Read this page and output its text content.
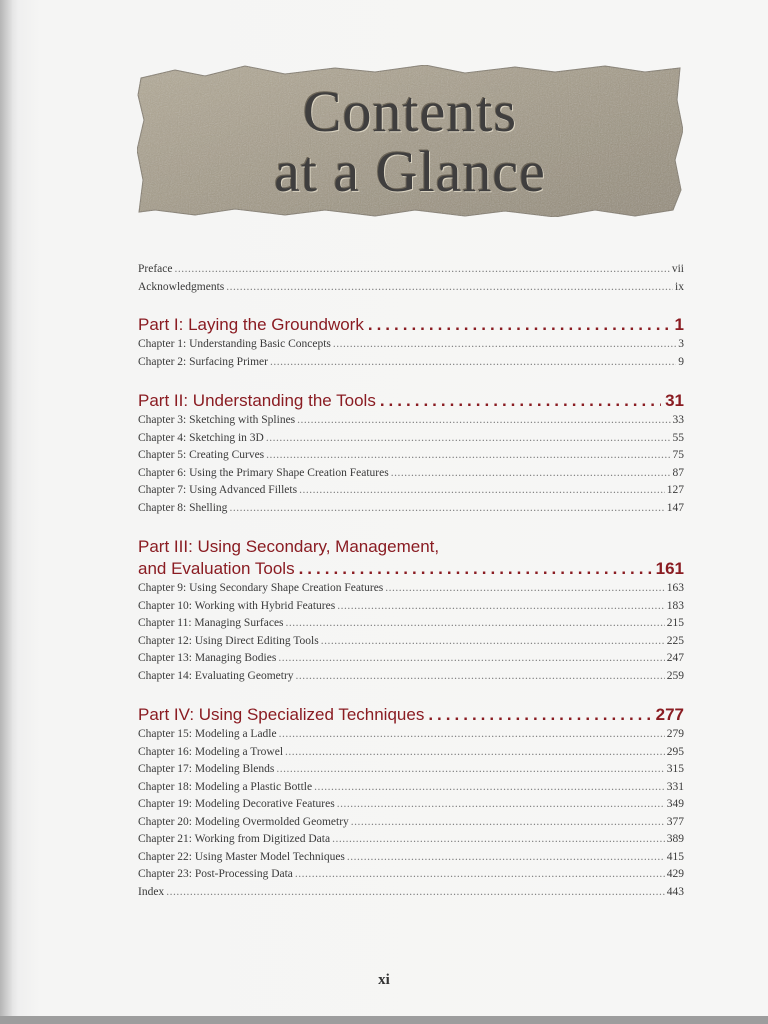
Contents
at a Glance
Preface .....	vii
Acknowledgments .....	ix
Part I: Laying the Groundwork .....	1
Chapter 1: Understanding Basic Concepts .....	3
Chapter 2: Surfacing Primer .....	9
Part II: Understanding the Tools .....	31
Chapter 3: Sketching with Splines .....	33
Chapter 4: Sketching in 3D .....	55
Chapter 5: Creating Curves .....	75
Chapter 6: Using the Primary Shape Creation Features .....	87
Chapter 7: Using Advanced Fillets .....	127
Chapter 8: Shelling .....	147
Part III: Using Secondary, Management,
and Evaluation Tools .....	161
Chapter 9: Using Secondary Shape Creation Features .....	163
Chapter 10: Working with Hybrid Features .....	183
Chapter 11: Managing Surfaces .....	215
Chapter 12: Using Direct Editing Tools .....	225
Chapter 13: Managing Bodies .....	247
Chapter 14: Evaluating Geometry .....	259
Part IV: Using Specialized Techniques .....	277
Chapter 15: Modeling a Ladle .....	279
Chapter 16: Modeling a Trowel .....	295
Chapter 17: Modeling Blends .....	315
Chapter 18: Modeling a Plastic Bottle .....	331
Chapter 19: Modeling Decorative Features .....	349
Chapter 20: Modeling Overmolded Geometry .....	377
Chapter 21: Working from Digitized Data .....	389
Chapter 22: Using Master Model Techniques .....	415
Chapter 23: Post-Processing Data .....	429
Index .....	443
xi
